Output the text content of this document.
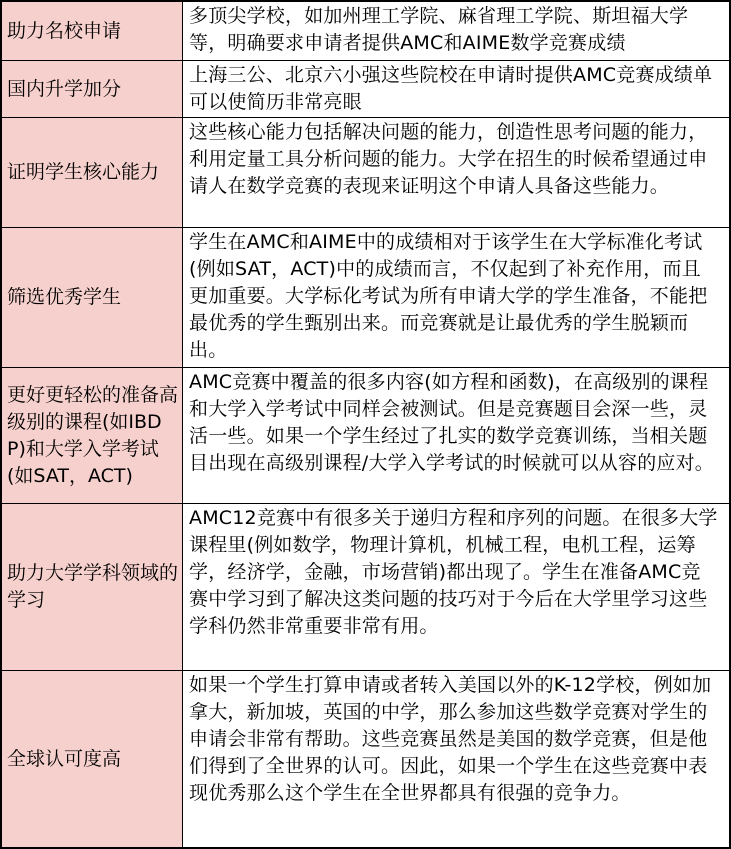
助力名校申请
多顶尖学校，如加州理工学院、麻省理工学院、斯坦福大学等，明确要求申请者提供AMC和AIME数学竞赛成绩
国内升学加分
上海三公、北京六小强这些院校在申请时提供AMC竞赛成绩单可以使简历非常亮眼
证明学生核心能力
这些核心能力包括解决问题的能力，创造性思考问题的能力，利用定量工具分析问题的能力。大学在招生的时候希望通过申请人在数学竞赛的表现来证明这个申请人具备这些能力。
筛选优秀学生
学生在AMC和AIME中的成绩相对于该学生在大学标准化考试(例如SAT，ACT)中的成绩而言，不仅起到了补充作用，而且更加重要。大学标化考试为所有申请大学的学生准备，不能把最优秀的学生甄别出来。而竞赛就是让最优秀的学生脱颖而出。
更好更轻松的准备高级别的课程(如IBDP)和大学入学考试(如SAT，ACT)
AMC竞赛中覆盖的很多内容(如方程和函数)，在高级别的课程和大学入学考试中同样会被测试。但是竞赛题目会深一些，灵活一些。如果一个学生经过了扎实的数学竞赛训练，当相关题目出现在高级别课程/大学入学考试的时候就可以从容的应对。
助力大学学科领域的学习
AMC12竞赛中有很多关于递归方程和序列的问题。在很多大学课程里(例如数学，物理计算机，机械工程，电机工程，运筹学，经济学，金融，市场营销)都出现了。学生在准备AMC竞赛中学习到了解决这类问题的技巧对于今后在大学里学习这些学科仍然非常重要非常有用。
全球认可度高
如果一个学生打算申请或者转入美国以外的K-12学校，例如加拿大，新加坡，英国的中学，那么参加这些数学竞赛对学生的申请会非常有帮助。这些竞赛虽然是美国的数学竞赛，但是他们得到了全世界的认可。因此，如果一个学生在这些竞赛中表现优秀那么这个学生在全世界都具有很强的竞争力。
